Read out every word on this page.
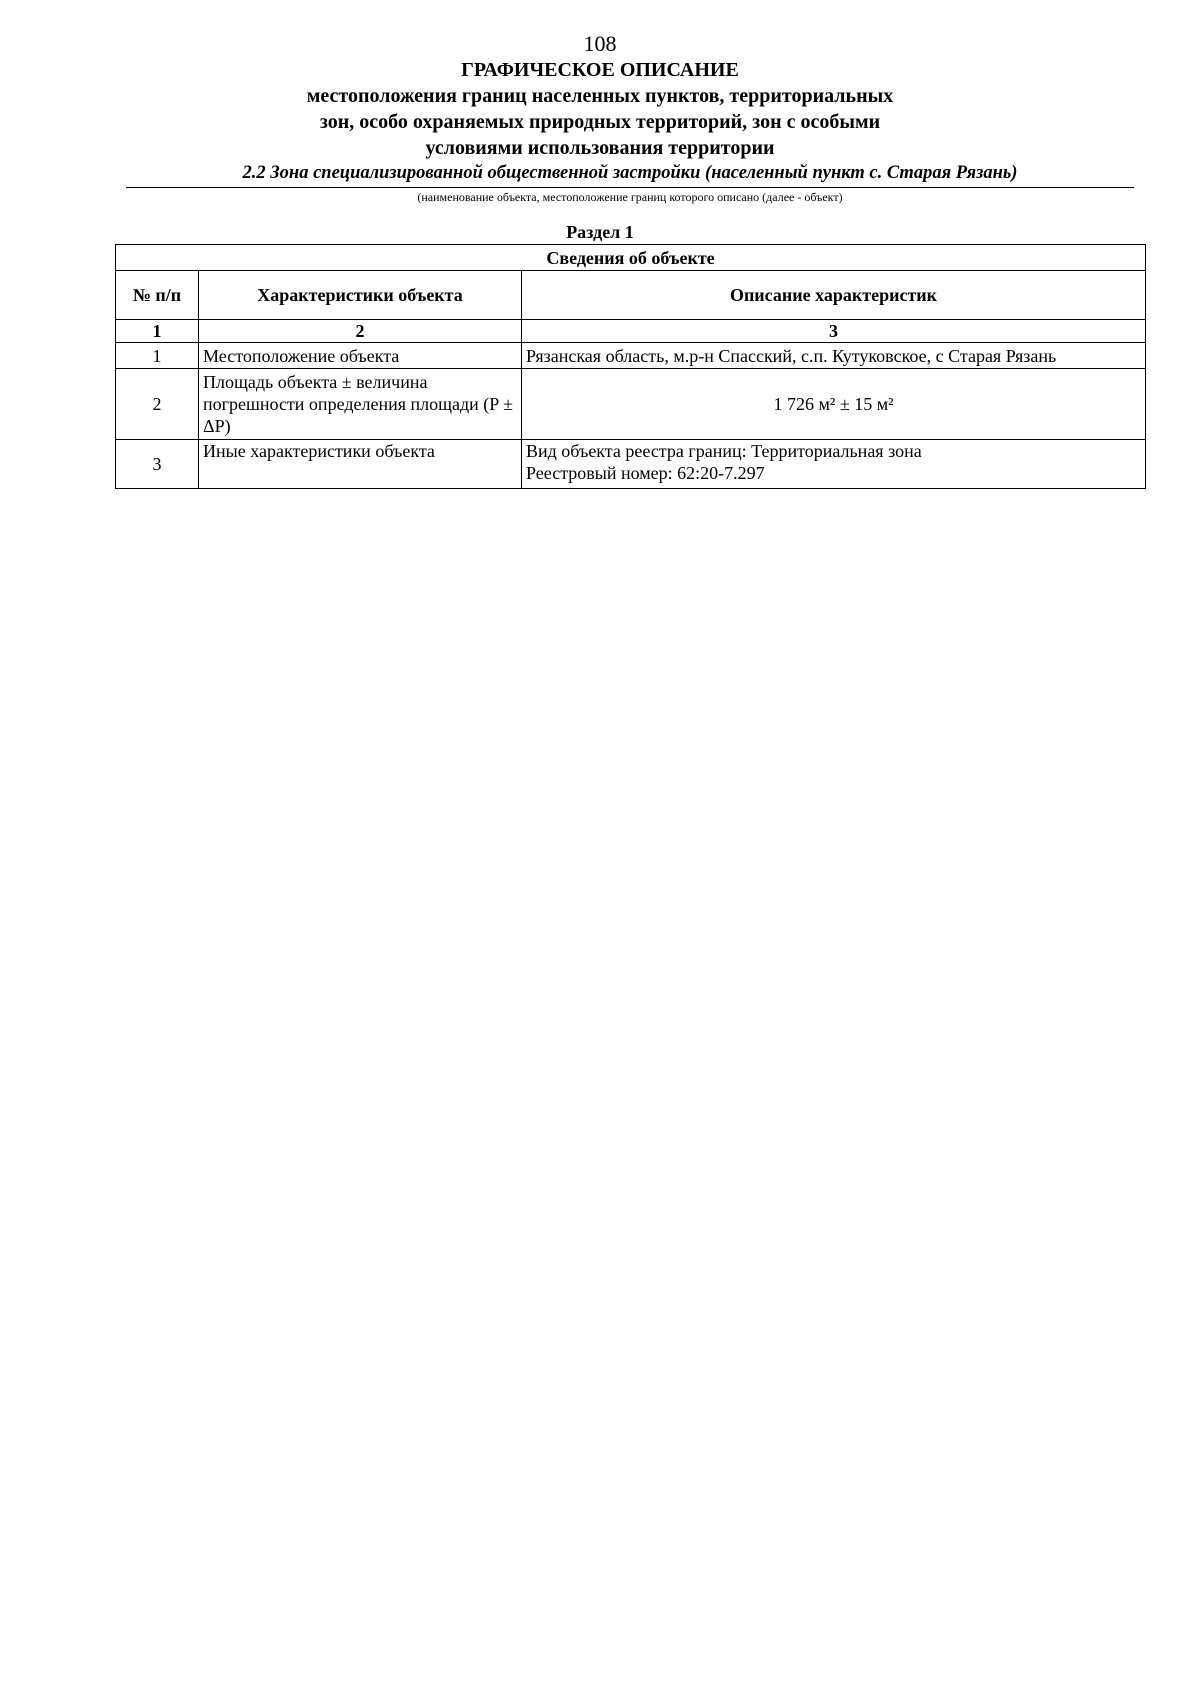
108
ГРАФИЧЕСКОЕ ОПИСАНИЕ
местоположения границ населенных пунктов, территориальных
зон, особо охраняемых природных территорий, зон с особыми
условиями использования территории
2.2 Зона специализированной общественной застройки (населенный пункт с. Старая Рязань)
(наименование объекта, местоположение границ которого описано (далее - объект)
Раздел 1
Сведения об объекте		
№ п/п	Характеристики объекта	Описание характеристик
1	2	3
1	Местоположение объекта	Рязанская область, м.р-н Спасский, с.п. Кутуковское, с Старая Рязань
2	Площадь объекта ± величина погрешности определения площади (P ± ΔP)	1 726 м² ± 15 м²
3	Иные характеристики объекта	Вид объекта реестра границ: Территориальная зона
Реестровый номер: 62:20-7.297
